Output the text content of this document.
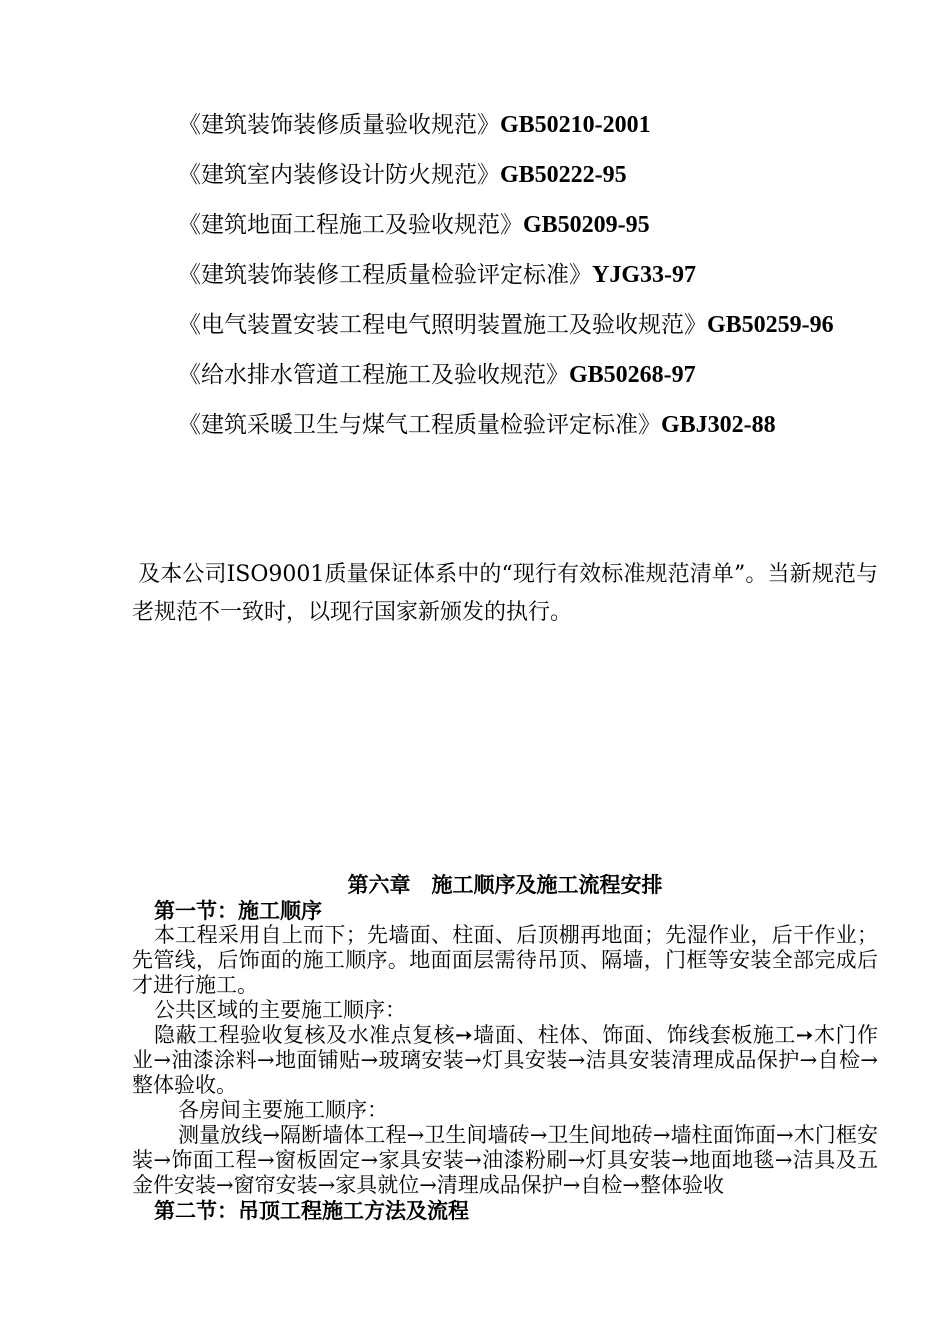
《建筑装饰装修质量验收规范》GB50210-2001
《建筑室内装修设计防火规范》GB50222-95
《建筑地面工程施工及验收规范》GB50209-95
《建筑装饰装修工程质量检验评定标准》YJG33-97
《电气装置安装工程电气照明装置施工及验收规范》GB50259-96
《给水排水管道工程施工及验收规范》GB50268-97
《建筑采暖卫生与煤气工程质量检验评定标准》GBJ302-88
及本公司ISO9001质量保证体系中的“现行有效标准规范清单”。当新规范与老规范不一致时，以现行国家新颁发的执行。
第六章　施工顺序及施工流程安排

第一节：施工顺序

本工程采用自上而下；先墙面、柱面、后顶棚再地面；先湿作业，后干作业；先管线，后饰面的施工顺序。地面面层需待吊顶、隔墙，门框等安装全部完成后才进行施工。

公共区域的主要施工顺序：

隐蔽工程验收复核及水准点复核➙墙面、柱体、饰面、饰线套板施工➙木门作业→油漆涂料→地面铺贴→玻璃安装→灯具安装→洁具安装清理成品保护→自检→整体验收。

各房间主要施工顺序：

测量放线→隔断墙体工程→卫生间墙砖→卫生间地砖→墙柱面饰面→木门框安装→饰面工程→窗板固定→家具安装→油漆粉刷→灯具安装→地面地毯→洁具及五金件安装→窗帘安装→家具就位→清理成品保护→自检→整体验收

第二节：吊顶工程施工方法及流程
